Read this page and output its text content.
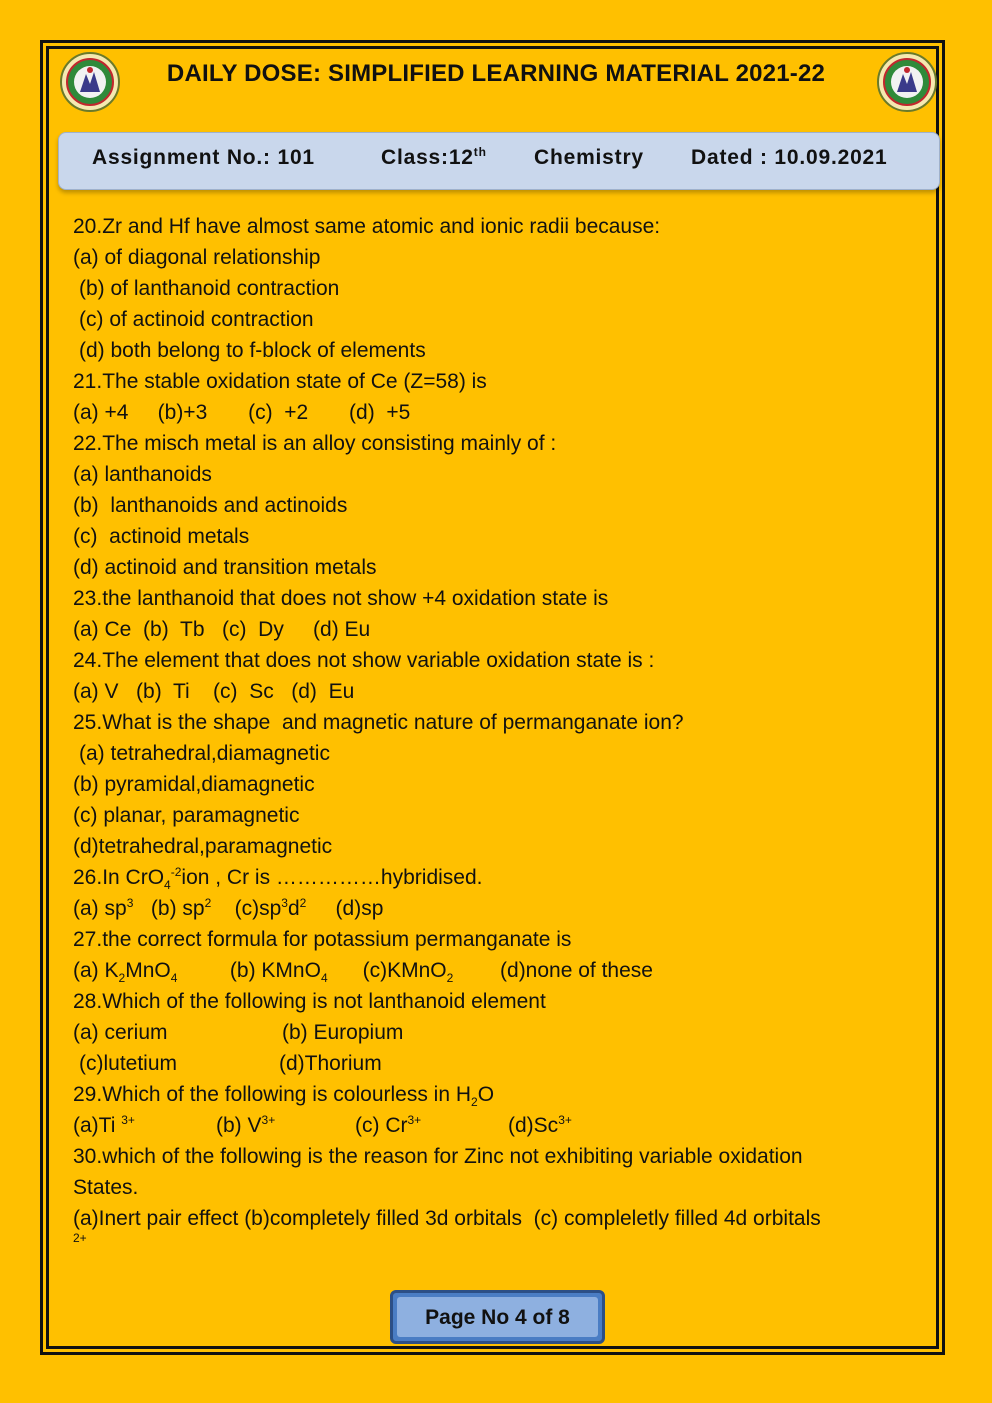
DAILY DOSE: SIMPLIFIED LEARNING MATERIAL 2021-22
Assignment No.: 101	Class:12th Chemistry Dated : 10.09.2021
20.Zr and Hf have almost same atomic and ionic radii because:
(a) of diagonal relationship
(b) of lanthanoid contraction
(c) of actinoid contraction
(d) both belong to f-block of elements
21.The stable oxidation state of Ce (Z=58) is
(a) +4 (b)+3 (c)  +2 (d)  +5
22.The misch metal is an alloy consisting mainly of :
(a) lanthanoids
(b)  lanthanoids and actinoids
(c)  actinoid metals
(d) actinoid and transition metals
23.the lanthanoid that does not show +4 oxidation state is
(a) Ce (b)  Tb (c)  Dy (d) Eu
24.The element that does not show variable oxidation state is :
(a) V (b)  Ti (c)  Sc (d)  Eu
25.What is the shape  and magnetic nature of permanganate ion?
(a) tetrahedral,diamagnetic
(b) pyramidal,diamagnetic
(c) planar, paramagnetic
(d)tetrahedral,paramagnetic
26.In CrO$_4^{-2}$ion , Cr is ……………hybridised.
(a) $sp^3$ (b) $sp^2$ $(c)sp^3d^2$ (d)sp
27.the correct formula for potassium permanganate is
(a) $K_2MnO_4$	(b) KMnO$_4$ (c)KMnO$_2$ (d)none of these
28.Which of the following is not lanthanoid element
(a) cerium	(b) Europium
(c)lutetium	(d)Thorium
29.Which of the following is colourless in $H_2O$
(a)Ti $^{3+}$	(b) $V^{3+}$	(c) $Cr^{3+}$	$(d)Sc^{3+}$
30.which of the following is the reason for Zinc not exhibiting variable oxidation
States.
(a)Inert pair effect (b)completely filled 3d orbitals  (c) compleletly filled 4d orbitals
2+
Page No 4 of 8
